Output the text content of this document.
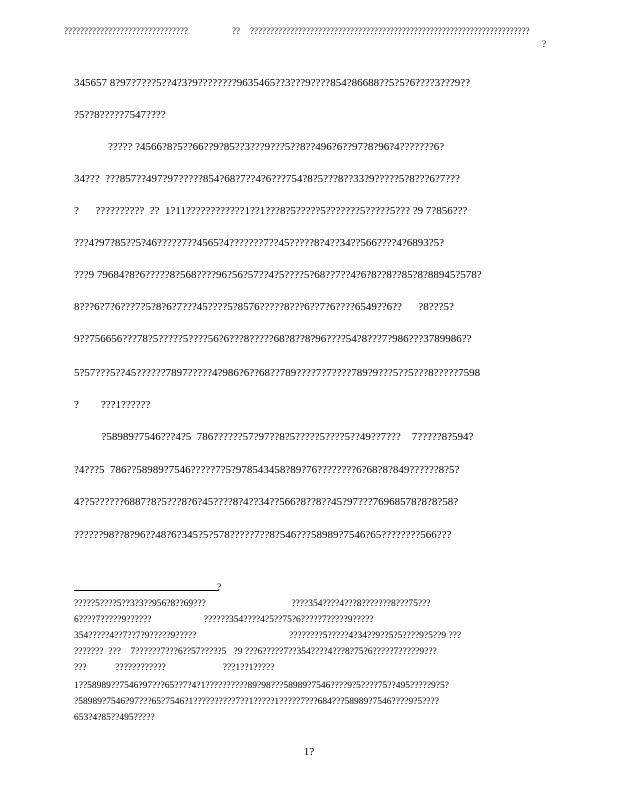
???????????????????????????????	?? ??????????????????????????????????????????????????????????????????????
?
345657 8?97?7???5??4?3?9????????9635465??3???9????854?86688??5?5?6????3???9??
?5??8?????7547????
????? ?4566?8?5??66??9?85??3???9???5??8??496?6??97?8?96?4???????6?
34???  ???857??497?97?????854?68?7??4?6???754?8?5???8??33?9?????5?8???6?7???
?      ??????????  ??  1?11????????????1??1???8?5?????5???????5?????5??? ?9 7?856???
???4?97?85??5?46?????7??4565?4???????7??45?????8?4??34??566????4?6893?5?
???9 79684?8?6?????8?568????96?56?57??4?5????5?68??7??4?6?8??8??85?8?88945?578?
8???6?7?6???7?5?8?6?7???45????5?8576?????8???6??7?6????6549??6??      ?8???5?
9??756656???78?5?????5????56?6???8?????68?8??8?96????54?8???7?986???3789986??
5?57???5??45??????7897?????4?986?6??68??789????7?7????789?9???5??5???8?????7598
?        ???1??????
?58989?7546???4?5  786??????57?97??8?5?????5????5??49??7???    7?????8?594?
?4???5  786??58989?7546?????7?5?978543458?89?76????????6?68?8?849??????8?5?
4??5??????6887?8?5???8?6?45????8?4??34??566?8??8??45?97???76968578?8?8?58?
??????98??8?96??48?6?345?5?578?????7??8?546???58989?7546?65????????566???
?
?????5????5??3?3??956?8??69???                                    ????354????4???8???????8???75???
6????7?????9??????                      ??????354????4?5??75?6?????7?????9?????
354?????4??7??7?9?????9?????                                       ????????5?????4?34??9??5?5????9?5??9 ???
???????  ???    7??????7???6??57?????5   ?9 ???6?????7??354????4???8?75?6?????7?????9???
???            ????????????                        ???1??1?????
1??58989??7546?97???65??7?4?1??????????89?98???58989?7546????9?5????75??495?????9?5?
?58989?7546?97???65?7546?1??????????7??1?????1?????7???684???58989?7546????9?5????
653?4?85??495?????
1?
